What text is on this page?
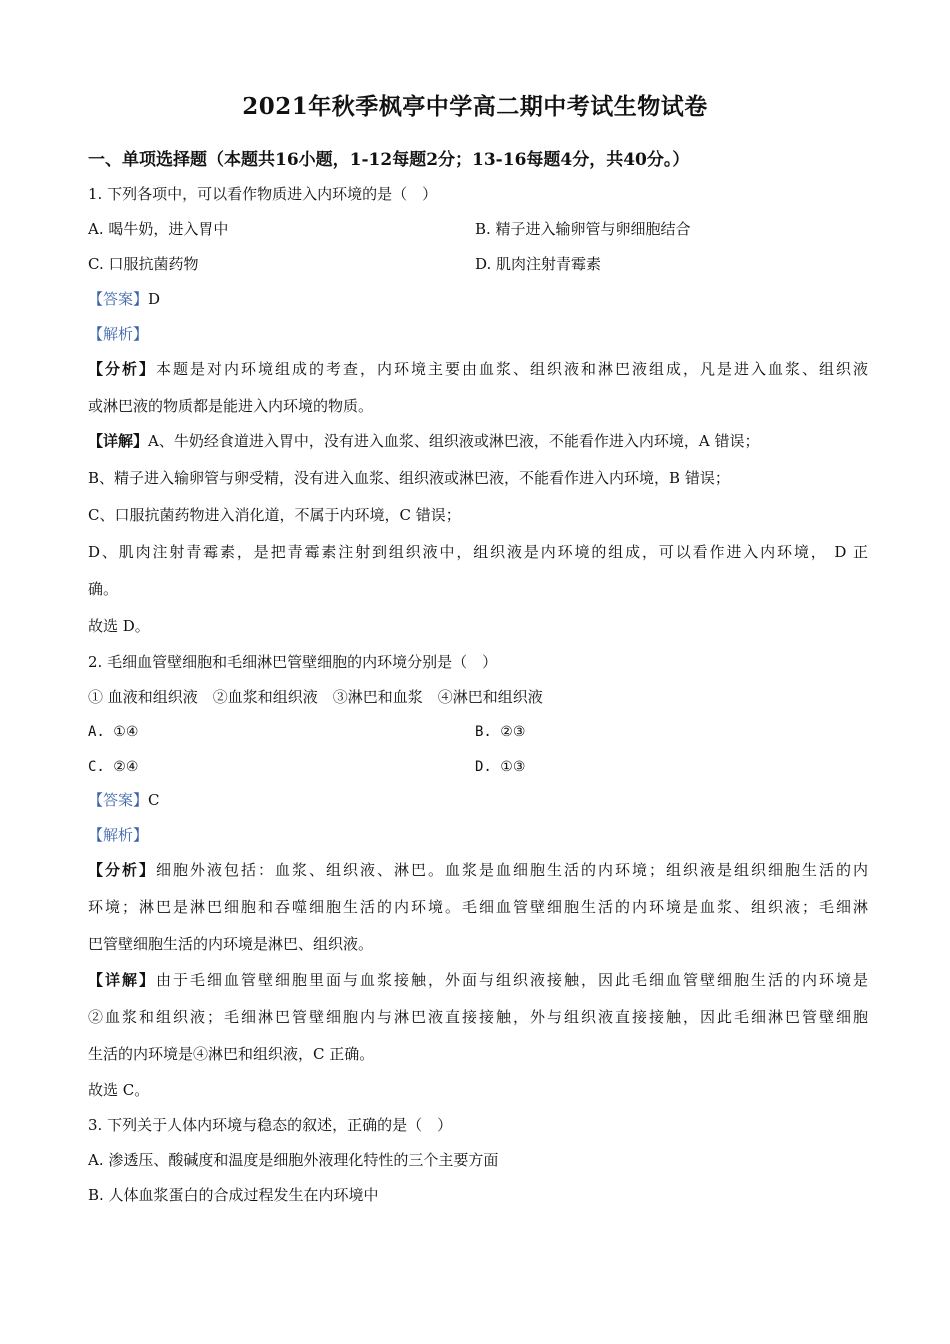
2021年秋季枫亭中学高二期中考试生物试卷
一、单项选择题（本题共16小题，1-12每题2分；13-16每题4分，共40分。）
1. 下列各项中，可以看作物质进入内环境的是（　）
A. 喝牛奶，进入胃中	B. 精子进入输卵管与卵细胞结合
C. 口服抗菌药物	D. 肌肉注射青霉素
【答案】D
【解析】
【分析】本题是对内环境组成的考查，内环境主要由血浆、组织液和淋巴液组成，凡是进入血浆、组织液
或淋巴液的物质都是能进入内环境的物质。
【详解】A、牛奶经食道进入胃中，没有进入血浆、组织液或淋巴液，不能看作进入内环境，A 错误；
B、精子进入输卵管与卵受精，没有进入血浆、组织液或淋巴液，不能看作进入内环境，B 错误；
C、口服抗菌药物进入消化道，不属于内环境，C 错误；
D、肌肉注射青霉素，是把青霉素注射到组织液中，组织液是内环境的组成，可以看作进入内环境， D 正
确。
故选 D。
2. 毛细血管壁细胞和毛细淋巴管壁细胞的内环境分别是（　）
① 血液和组织液　②血浆和组织液　③淋巴和血浆　④淋巴和组织液
A. ①④	B. ②③
C. ②④	D. ①③
【答案】C
【解析】
【分析】细胞外液包括：血浆、组织液、淋巴。血浆是血细胞生活的内环境；组织液是组织细胞生活的内
环境；淋巴是淋巴细胞和吞噬细胞生活的内环境。毛细血管壁细胞生活的内环境是血浆、组织液；毛细淋
巴管壁细胞生活的内环境是淋巴、组织液。
【详解】由于毛细血管壁细胞里面与血浆接触，外面与组织液接触，因此毛细血管壁细胞生活的内环境是
②血浆和组织液；毛细淋巴管壁细胞内与淋巴液直接接触，外与组织液直接接触，因此毛细淋巴管壁细胞
生活的内环境是④淋巴和组织液，C 正确。
故选 C。
3. 下列关于人体内环境与稳态的叙述，正确的是（　）
A. 渗透压、酸碱度和温度是细胞外液理化特性的三个主要方面
B. 人体血浆蛋白的合成过程发生在内环境中
